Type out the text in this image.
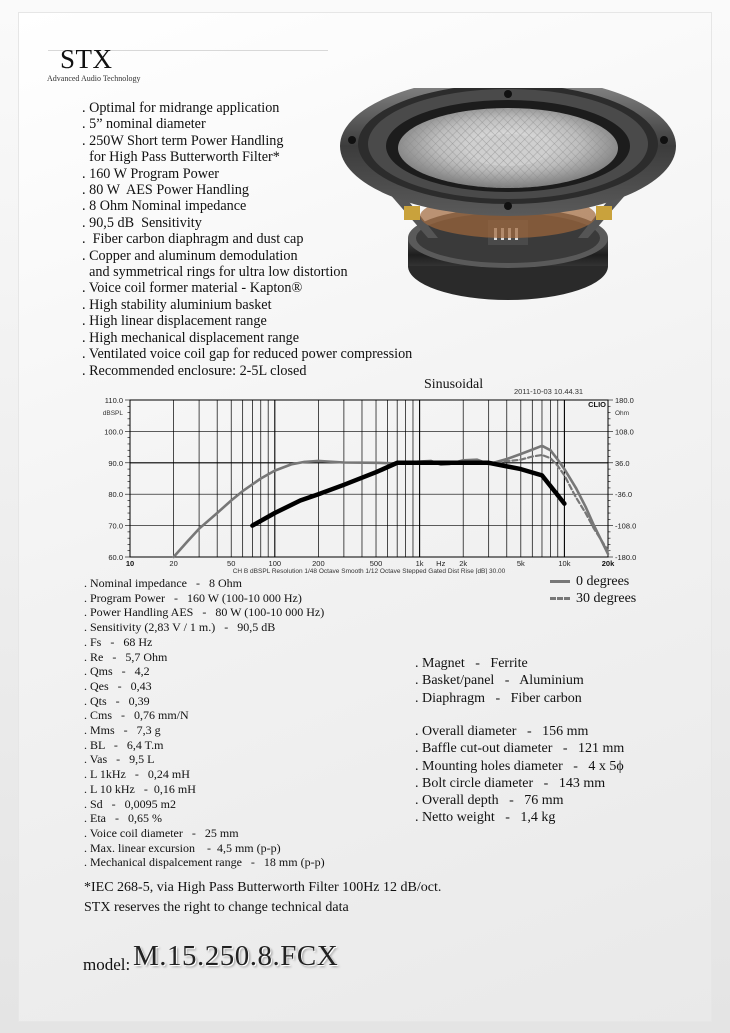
STX
Advanced Audio Technology
. Optimal for midrange application
. 5” nominal diameter
. 250W Short term Power Handling
for High Pass Butterworth Filter*
. 160 W Program Power
. 80 W  AES Power Handling
. 8 Ohm Nominal impedance
. 90,5 dB  Sensitivity
.  Fiber carbon diaphragm and dust cap
. Copper and aluminum demodulation
and symmetrical rings for ultra low distortion
. Voice coil former material - Kapton®
. High stability aluminium basket
. High linear displacement range
. High mechanical displacement range
. Ventilated voice coil gap for reduced power compression
. Recommended enclosure: 2-5L closed
Sinusoidal	2011-10-03 10.44.31
110.0
100.0
90.0
80.0
70.0
60.0
dBSPL
180.0
108.0
36.0
-36.0
-108.0
-180.0
Ohm
CLIO
10	20	50	100	200	500	1k Hz 2k	5k	10k	20k
CH B dBSPL Resolution 1/48 Octave Smooth 1/12 Octave Stepped Gated Dist Rise [dB] 30.00
0 degrees
30 degrees
. Nominal impedance   -   8 Ohm
. Program Power   -   160 W (100-10 000 Hz)
. Power Handling AES   -   80 W (100-10 000 Hz)
. Sensitivity (2,83 V / 1 m.)   -   90,5 dB
. Fs   -   68 Hz
. Re   -   5,7 Ohm
. Qms   -   4,2
. Qes   -   0,43
. Qts   -   0,39
. Cms   -   0,76 mm/N
. Mms   -   7,3 g
. BL   -   6,4 T.m
. Vas   -   9,5 L
. L 1kHz   -   0,24 mH
. L 10 kHz   -  0,16 mH
. Sd   -   0,0095 m2
. Eta   -   0,65 %
. Voice coil diameter   -   25 mm
. Max. linear excursion    -  4,5 mm (p-p)
. Mechanical dispalcement range   -   18 mm (p-p)
. Magnet   -   Ferrite
. Basket/panel   -   Aluminium
. Diaphragm   -   Fiber carbon
. Overall diameter   -   156 mm
. Baffle cut-out diameter   -   121 mm
. Mounting holes diameter   -   4 x 5ϕ
. Bolt circle diameter   -   143 mm
. Overall depth   -   76 mm
. Netto weight   -   1,4 kg
*IEC 268-5, via High Pass Butterworth Filter 100Hz 12 dB/oct.
STX reserves the right to change technical data
model: M.15.250.8.FCX
